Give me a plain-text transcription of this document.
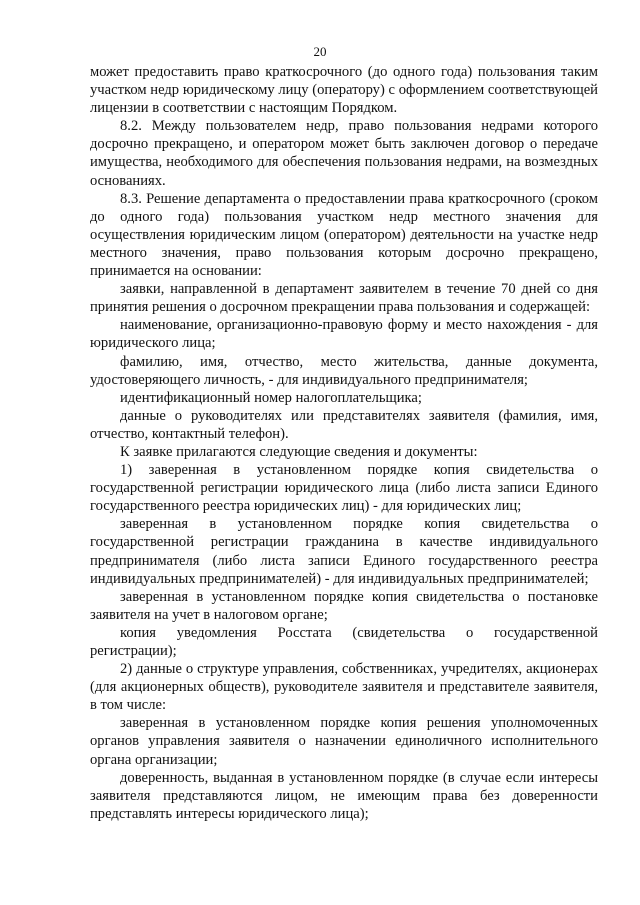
20

может предоставить право краткосрочного (до одного года) пользования таким участком недр юридическому лицу (оператору) с оформлением соответствующей лицензии в соответствии с настоящим Порядком.

8.2. Между пользователем недр, право пользования недрами которого досрочно прекращено, и оператором может быть заключен договор о передаче имущества, необходимого для обеспечения пользования недрами, на возмездных основаниях.

8.3. Решение департамента о предоставлении права краткосрочного (сроком до одного года) пользования участком недр местного значения для осуществления юридическим лицом (оператором) деятельности на участке недр местного значения, право пользования которым досрочно прекращено, принимается на основании:

заявки, направленной в департамент заявителем в течение 70 дней со дня принятия решения о досрочном прекращении права пользования и содержащей:

наименование, организационно-правовую форму и место нахождения - для юридического лица;

фамилию, имя, отчество, место жительства, данные документа, удостоверяющего личность, - для индивидуального предпринимателя;

идентификационный номер налогоплательщика;

данные о руководителях или представителях заявителя (фамилия, имя, отчество, контактный телефон).

К заявке прилагаются следующие сведения и документы:

1) заверенная в установленном порядке копия свидетельства о государственной регистрации юридического лица (либо листа записи Единого государственного реестра юридических лиц) - для юридических лиц;

заверенная в установленном порядке копия свидетельства о государственной регистрации гражданина в качестве индивидуального предпринимателя (либо листа записи Единого государственного реестра индивидуальных предпринимателей) - для индивидуальных предпринимателей;

заверенная в установленном порядке копия свидетельства о постановке заявителя на учет в налоговом органе;

копия уведомления Росстата (свидетельства о государственной регистрации);

2) данные о структуре управления, собственниках, учредителях, акционерах (для акционерных обществ), руководителе заявителя и представителе заявителя, в том числе:

заверенная в установленном порядке копия решения уполномоченных органов управления заявителя о назначении единоличного исполнительного органа организации;

доверенность, выданная в установленном порядке (в случае если интересы заявителя представляются лицом, не имеющим права без доверенности представлять интересы юридического лица);
